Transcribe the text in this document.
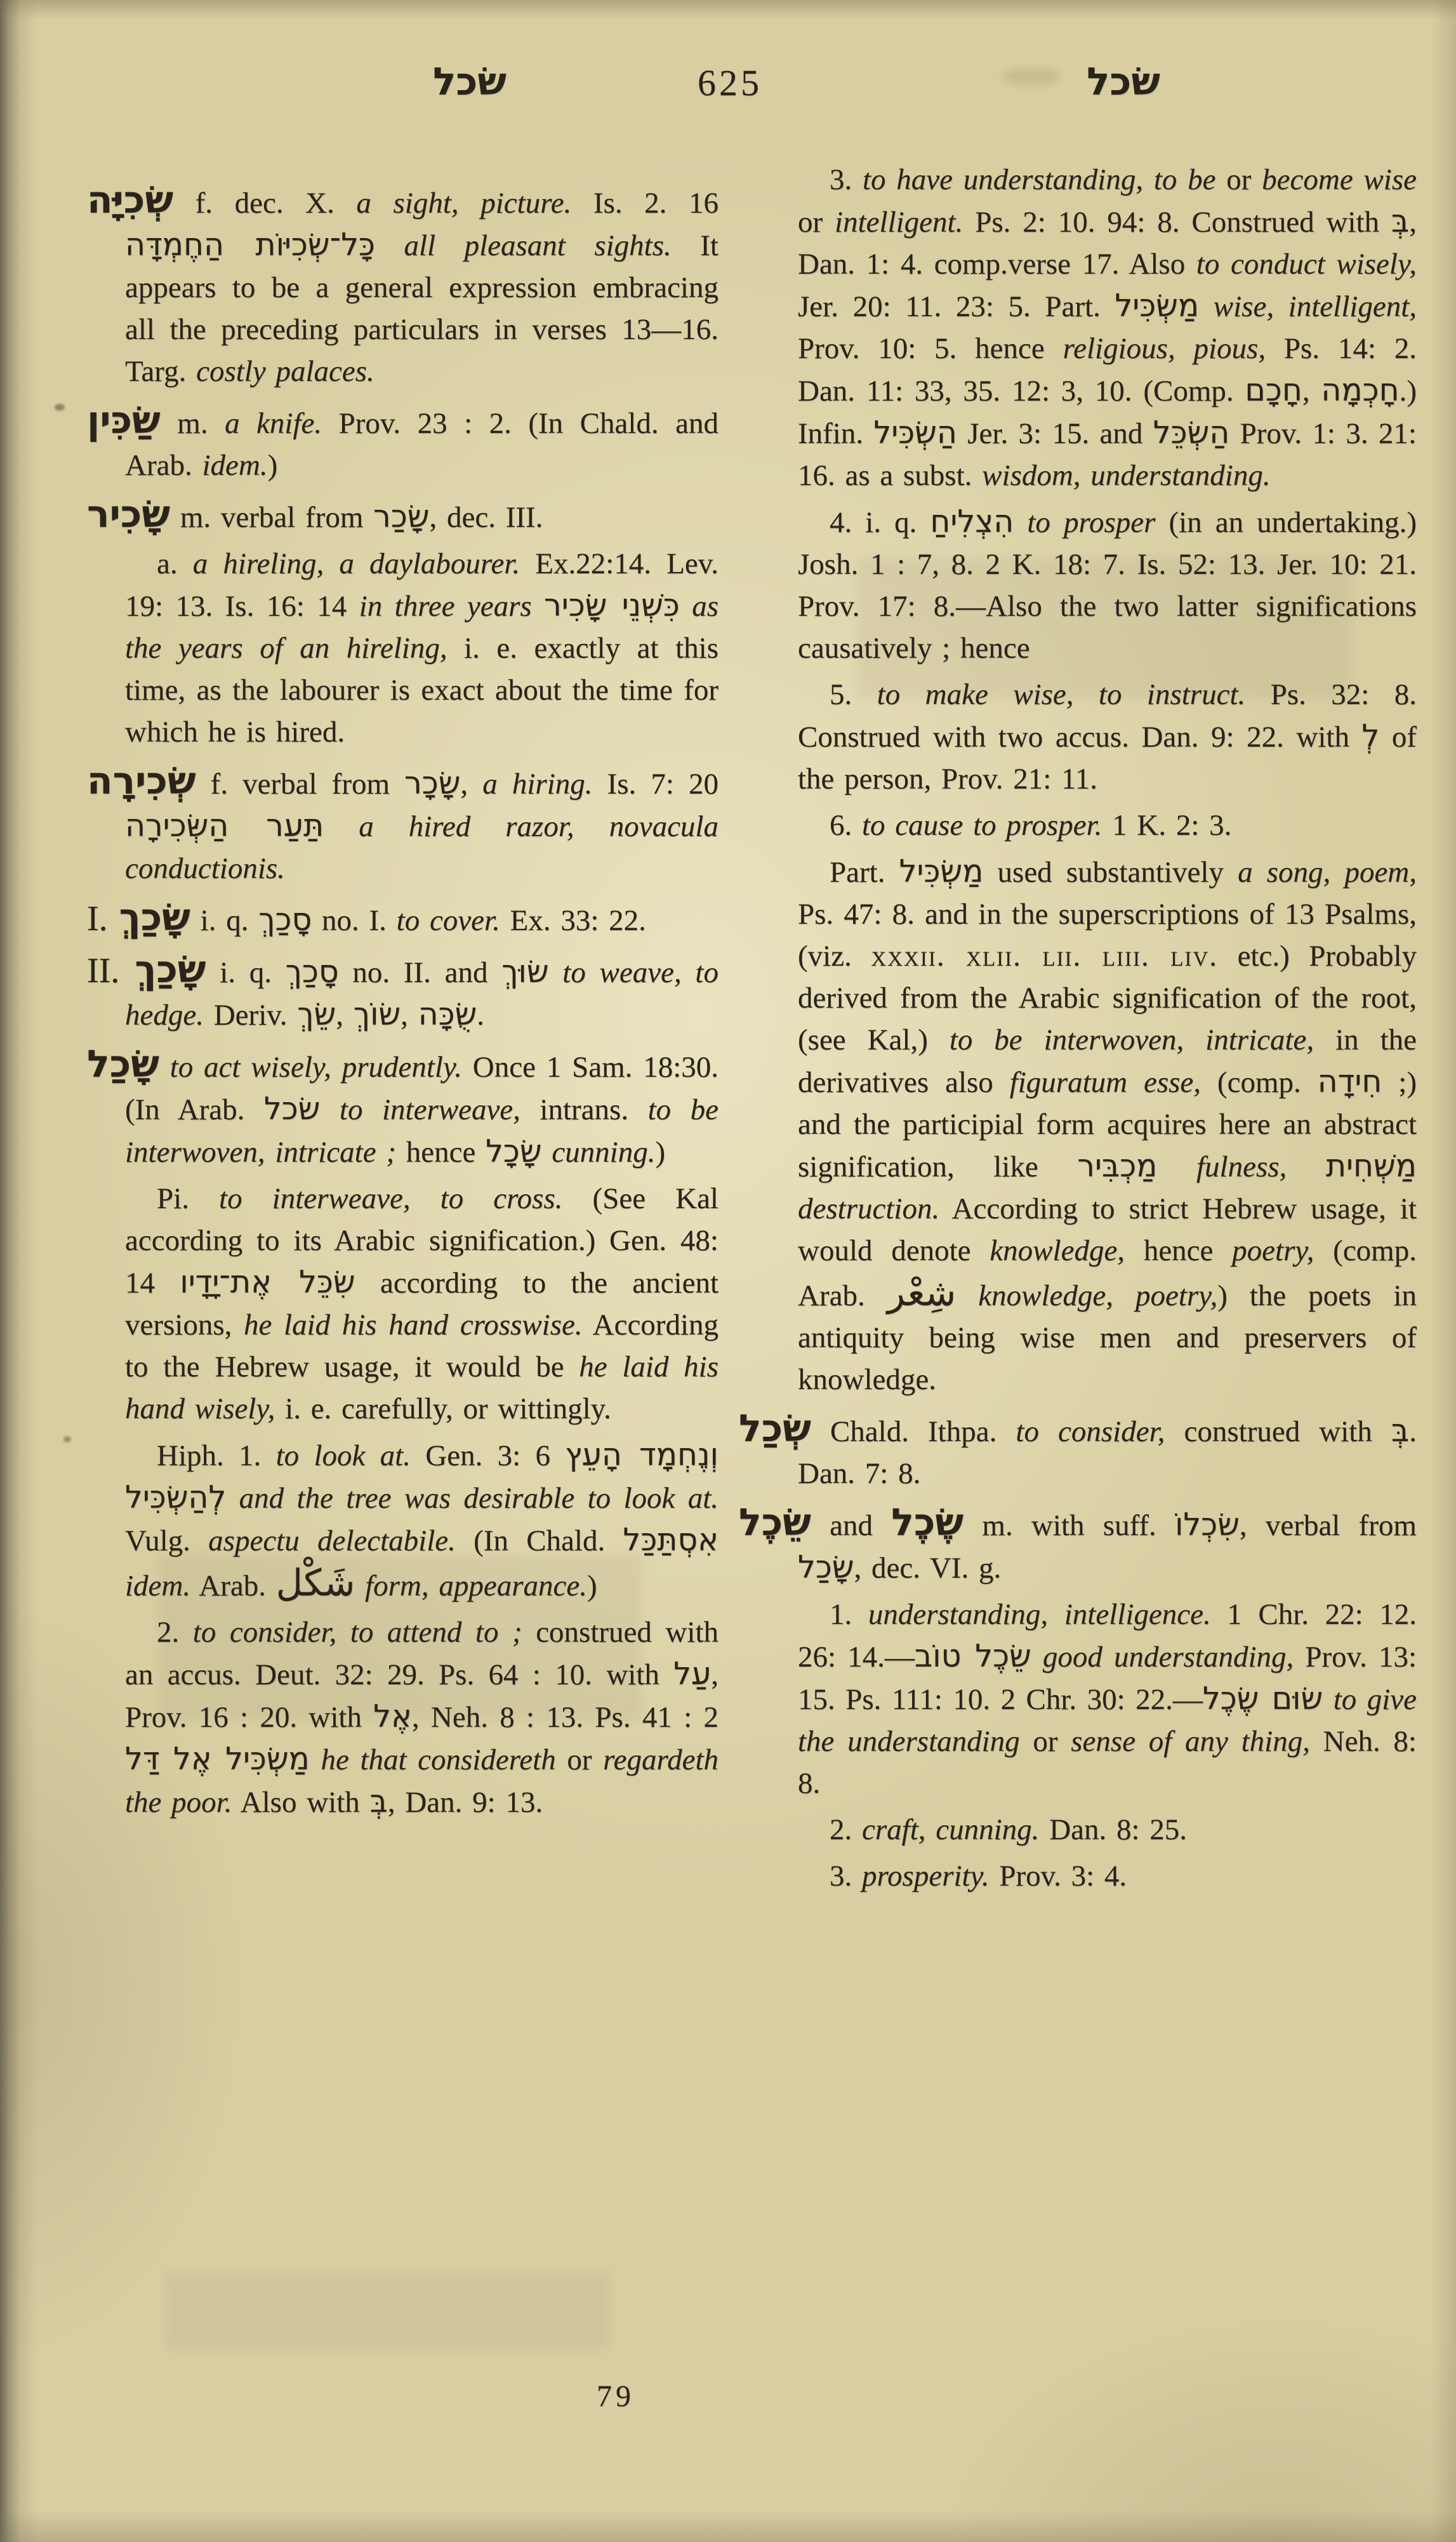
שׂכל	625	שׂכל

שְׂכִיָּה f. dec. X. a sight, picture. Is. 2. 16 כָּל־שְׂכִיּוֹת הַחֶמְדָּה all pleasant sights. It appears to be a general expression embracing all the preceding particulars in verses 13—16. Targ. costly palaces.

שַׂכִּין m. a knife. Prov. 23 : 2. (In Chald. and Arab. idem.)

שָׂכִיר m. verbal from שָׂכַר, dec. III.

a. a hireling, a daylabourer. Ex.22:14. Lev. 19: 13. Is. 16: 14 in three years כִּשְׁנֵי שָׂכִיר as the years of an hireling, i. e. exactly at this time, as the labourer is exact about the time for which he is hired.

שְׂכִירָה f. verbal from שָׂכָר, a hiring. Is. 7: 20 תַּעַר הַשְּׂכִירָה a hired razor, novacula conductionis.

I. שָׂכַךְ i. q. סָכַךְ no. I. to cover. Ex. 33: 22.

II. שָׂכַךְ i. q. סָכַךְ no. II. and שׂוּךְ to weave, to hedge. Deriv. שֵׂךְ, שׂוֹךְ, שֻׂכָּה.

שָׂכַל to act wisely, prudently. Once 1 Sam. 18:30. (In Arab. שׂכל to interweave, intrans. to be interwoven, intricate ; hence שָׂכָל cunning.)

Pi. to interweave, to cross. (See Kal according to its Arabic signification.) Gen. 48: 14 שִׂכֵּל אֶת־יָדָיו according to the ancient versions, he laid his hand crosswise. According to the Hebrew usage, it would be he laid his hand wisely, i. e. carefully, or wittingly.

Hiph. 1. to look at. Gen. 3: 6 וְנֶחְמָד הָעֵץ לְהַשְׂכִּיל and the tree was desirable to look at. Vulg. aspectu delectabile. (In Chald. אִסְתַּכַּל idem. Arab. شَكْل form, appearance.)

2. to consider, to attend to ; construed with an accus. Deut. 32: 29. Ps. 64 : 10. with עַל, Prov. 16 : 20. with אֶל, Neh. 8 : 13. Ps. 41 : 2 מַשְׂכִּיל אֶל דַּל he that considereth or regardeth the poor. Also with בְּ, Dan. 9: 13.

3. to have understanding, to be or become wise or intelligent. Ps. 2: 10. 94: 8. Construed with בְּ, Dan. 1: 4. comp.verse 17. Also to conduct wisely, Jer. 20: 11. 23: 5. Part. מַשְׂכִּיל wise, intelligent, Prov. 10: 5. hence religious, pious, Ps. 14: 2. Dan. 11: 33, 35. 12: 3, 10. (Comp. חָכָם, חָכְמָה.) Infin. הַשְׂכִּיל Jer. 3: 15. and הַשְׂכֵּל Prov. 1: 3. 21: 16. as a subst. wisdom, understanding.

4. i. q. הִצְלִיחַ to prosper (in an undertaking.) Josh. 1 : 7, 8. 2 K. 18: 7. Is. 52: 13. Jer. 10: 21. Prov. 17: 8.—Also the two latter significations causatively ; hence

5. to make wise, to instruct. Ps. 32: 8. Construed with two accus. Dan. 9: 22. with לְ of the person, Prov. 21: 11.

6. to cause to prosper. 1 K. 2: 3.

Part. מַשְׂכִּיל used substantively a song, poem, Ps. 47: 8. and in the superscriptions of 13 Psalms, (viz. xxxii. xlii. lii. liii. liv. etc.) Probably derived from the Arabic signification of the root, (see Kal,) to be interwoven, intricate, in the derivatives also figuratum esse, (comp. חִידָה ;) and the participial form acquires here an abstract signification, like מַכְבִּיר fulness, מַשְׁחִית destruction. According to strict Hebrew usage, it would denote knowledge, hence poetry, (comp. Arab. شِعْر knowledge, poetry,) the poets in antiquity being wise men and preservers of knowledge.

שְׂכַל Chald. Ithpa. to consider, construed with בְּ. Dan. 7: 8.

שֵׂכֶל and שֶׂכֶל m. with suff. שִׂכְלוֹ, verbal from שָׂכַל, dec. VI. g.

1. understanding, intelligence. 1 Chr. 22: 12. 26: 14.—שֵׂכֶל טוֹב good understanding, Prov. 13: 15. Ps. 111: 10. 2 Chr. 30: 22.—שׂוּם שֶׂכֶל to give the understanding or sense of any thing, Neh. 8: 8.

2. craft, cunning. Dan. 8: 25.

3. prosperity. Prov. 3: 4.

79
